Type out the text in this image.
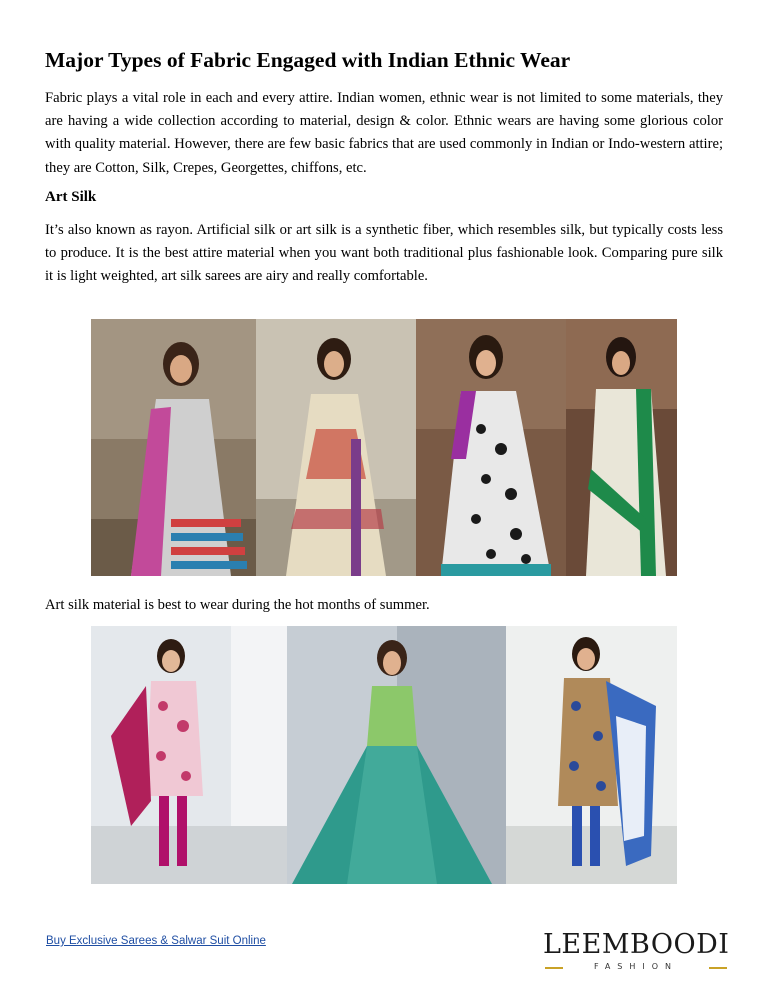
Major Types of Fabric Engaged with Indian Ethnic Wear

Fabric plays a vital role in each and every attire. Indian women, ethnic wear is not limited to some materials, they are having a wide collection according to material, design & color. Ethnic wears are having some glorious color with quality material. However, there are few basic fabrics that are used commonly in Indian or Indo-western attire; they are Cotton, Silk, Crepes, Georgettes, chiffons, etc.

Art Silk

It’s also known as rayon. Artificial silk or art silk is a synthetic fiber, which resembles silk, but typically costs less to produce. It is the best attire material when you want both traditional plus fashionable look. Comparing pure silk it is light weighted, art silk sarees are airy and really comfortable.

Art silk material is best to wear during the hot months of summer.

Buy Exclusive Sarees & Salwar Suit Online	LEEMBOODI
FASHION
